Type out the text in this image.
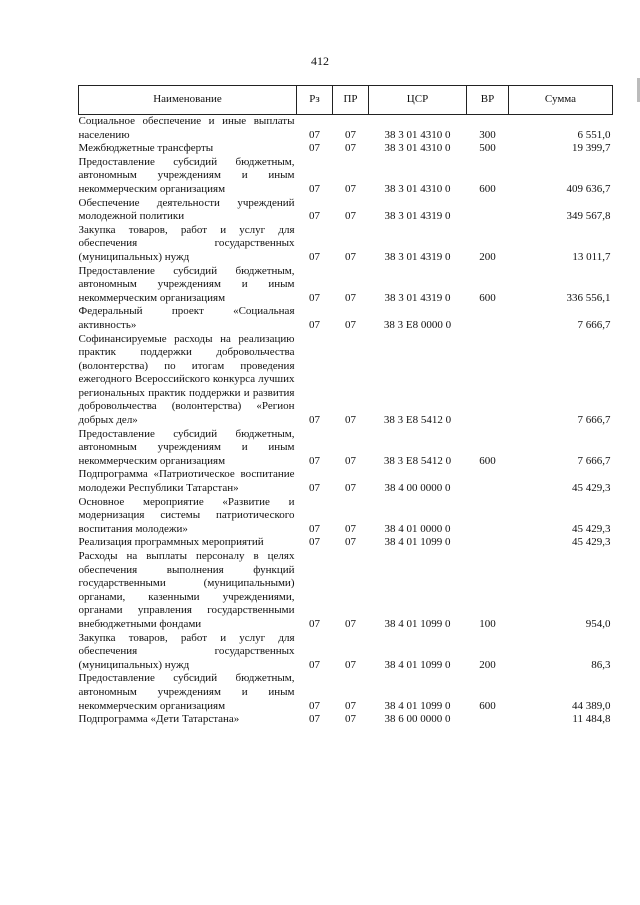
412
Наименование	Рз	ПР	ЦСР	ВР	Сумма
Социальное обеспечение и иные выплаты населению	07	07	38 3 01 4310 0	300	6 551,0
Межбюджетные трансферты	07	07	38 3 01 4310 0	500	19 399,7
Предоставление субсидий бюджетным, автономным учреждениям и иным некоммерческим организациям	07	07	38 3 01 4310 0	600	409 636,7
Обеспечение деятельности учреждений молодежной политики	07	07	38 3 01 4319 0		349 567,8
Закупка товаров, работ и услуг для обеспечения государственных (муниципальных) нужд	07	07	38 3 01 4319 0	200	13 011,7
Предоставление субсидий бюджетным, автономным учреждениям и иным некоммерческим организациям	07	07	38 3 01 4319 0	600	336 556,1
Федеральный проект «Социальная активность»	07	07	38 3 E8 0000 0		7 666,7
Софинансируемые расходы на реализацию практик поддержки добровольчества (волонтерства) по итогам проведения ежегодного Всероссийского конкурса лучших региональных практик поддержки и развития добровольчества (волонтерства) «Регион добрых дел»	07	07	38 3 E8 5412 0		7 666,7
Предоставление субсидий бюджетным, автономным учреждениям и иным некоммерческим организациям	07	07	38 3 E8 5412 0	600	7 666,7
Подпрограмма «Патриотическое воспитание молодежи Республики Татарстан»	07	07	38 4 00 0000 0		45 429,3
Основное мероприятие «Развитие и модернизация системы патриотического воспитания молодежи»	07	07	38 4 01 0000 0		45 429,3
Реализация программных мероприятий	07	07	38 4 01 1099 0		45 429,3
Расходы на выплаты персоналу в целях обеспечения выполнения функций государственными (муниципальными) органами, казенными учреждениями, органами управления государственными внебюджетными фондами	07	07	38 4 01 1099 0	100	954,0
Закупка товаров, работ и услуг для обеспечения государственных (муниципальных) нужд	07	07	38 4 01 1099 0	200	86,3
Предоставление субсидий бюджетным, автономным учреждениям и иным некоммерческим организациям	07	07	38 4 01 1099 0	600	44 389,0
Подпрограмма «Дети Татарстана»	07	07	38 6 00 0000 0		11 484,8
